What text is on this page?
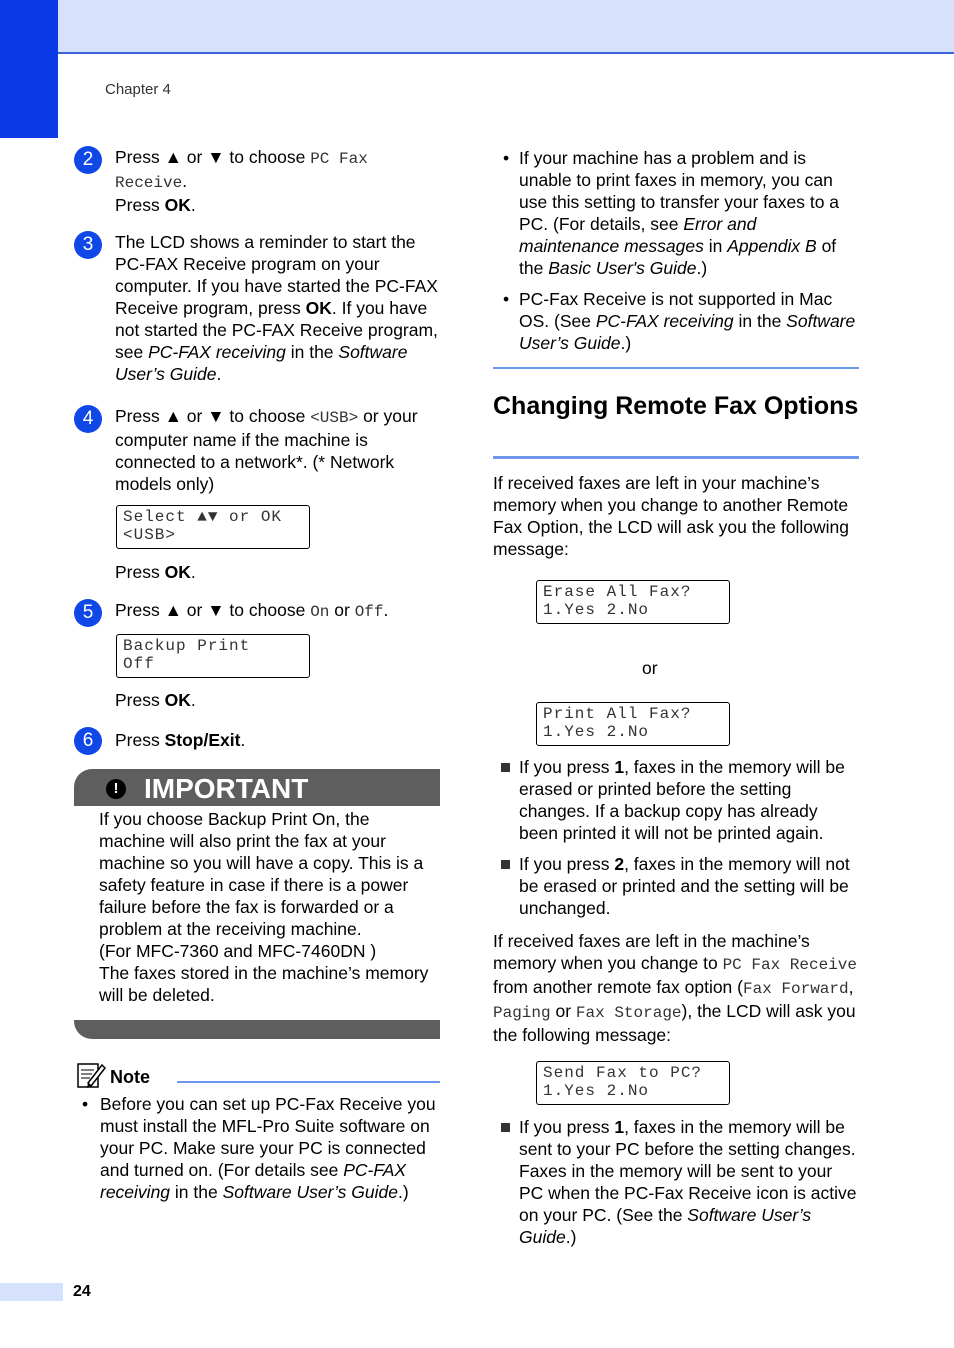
Chapter 4
2	Press ▲ or ▼ to choose PC Fax Receive.

Press OK.

3	The LCD shows a reminder to start the PC-FAX Receive program on your computer. If you have started the PC-FAX Receive program, press OK. If you have not started the PC-FAX Receive program, see PC-FAX receiving in the Software User’s Guide.

4	Press ▲ or ▼ to choose <USB> or your computer name if the machine is connected to a network*. (* Network models only)

Select ▲▼ or OK
<USB>
Press OK.
5	Press ▲ or ▼ to choose On or Off.

Backup Print
Off
Press OK.
6	Press Stop/Exit.

! IMPORTANT

If you choose Backup Print On, the machine will also print the fax at your machine so you will have a copy. This is a safety feature in case if there is a power failure before the fax is forwarded or a problem at the receiving machine.

(For MFC-7360 and MFC-7460DN )

The faxes stored in the machine’s memory will be deleted.

Note

• Before you can set up PC-Fax Receive you must install the MFL-Pro Suite software on your PC. Make sure your PC is connected and turned on. (For details see PC-FAX receiving in the Software User’s Guide.)

• If your machine has a problem and is unable to print faxes in memory, you can use this setting to transfer your faxes to a PC. (For details, see Error and maintenance messages in Appendix B of the Basic User's Guide.)

• PC-Fax Receive is not supported in Mac OS. (See PC-FAX receiving in the Software User’s Guide.)

Changing Remote Fax Options

If received faxes are left in your machine’s memory when you change to another Remote Fax Option, the LCD will ask you the following message:

Erase All Fax?
1.Yes 2.No
or
Print All Fax?
1.Yes 2.No

If you press 1, faxes in the memory will be erased or printed before the setting changes. If a backup copy has already been printed it will not be printed again.

If you press 2, faxes in the memory will not be erased or printed and the setting will be unchanged.

If received faxes are left in the machine’s memory when you change to PC Fax Receive from another remote fax option (Fax Forward, Paging or Fax Storage), the LCD will ask you the following message:

Send Fax to PC?
1.Yes 2.No

If you press 1, faxes in the memory will be sent to your PC before the setting changes. Faxes in the memory will be sent to your PC when the PC-Fax Receive icon is active on your PC. (See the Software User’s Guide.)

24
